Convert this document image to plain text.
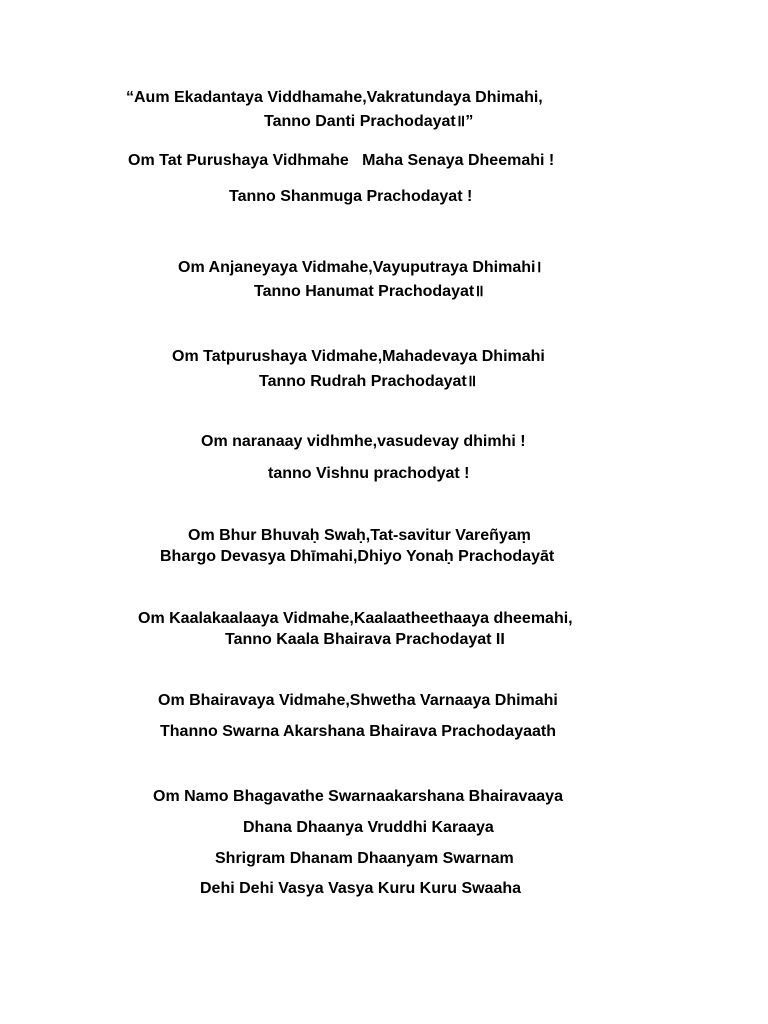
“Aum Ekadantaya Viddhamahe,Vakratundaya Dhimahi,
Tanno Danti Prachodayat॥”
Om Tat Purushaya Vidhmahe   Maha Senaya Dheemahi !
Tanno Shanmuga Prachodayat !
Om Anjaneyaya Vidmahe,Vayuputraya Dhimahi।
Tanno Hanumat Prachodayat॥
Om Tatpurushaya Vidmahe,Mahadevaya Dhimahi
Tanno Rudrah Prachodayat॥
Om naranaay vidhmhe,vasudevay dhimhi !
tanno Vishnu prachodyat !
Om Bhur Bhuvaḥ Swaḥ,Tat-savitur Vareñyaṃ
Bhargo Devasya Dhīmahi,Dhiyo Yonaḥ Prachodayāt
Om Kaalakaalaaya Vidmahe,Kaalaatheethaaya dheemahi,
Tanno Kaala Bhairava Prachodayat II
Om Bhairavaya Vidmahe,Shwetha Varnaaya Dhimahi
Thanno Swarna Akarshana Bhairava Prachodayaath
Om Namo Bhagavathe Swarnaakarshana Bhairavaaya
Dhana Dhaanya Vruddhi Karaaya
Shrigram Dhanam Dhaanyam Swarnam
Dehi Dehi Vasya Vasya Kuru Kuru Swaaha
